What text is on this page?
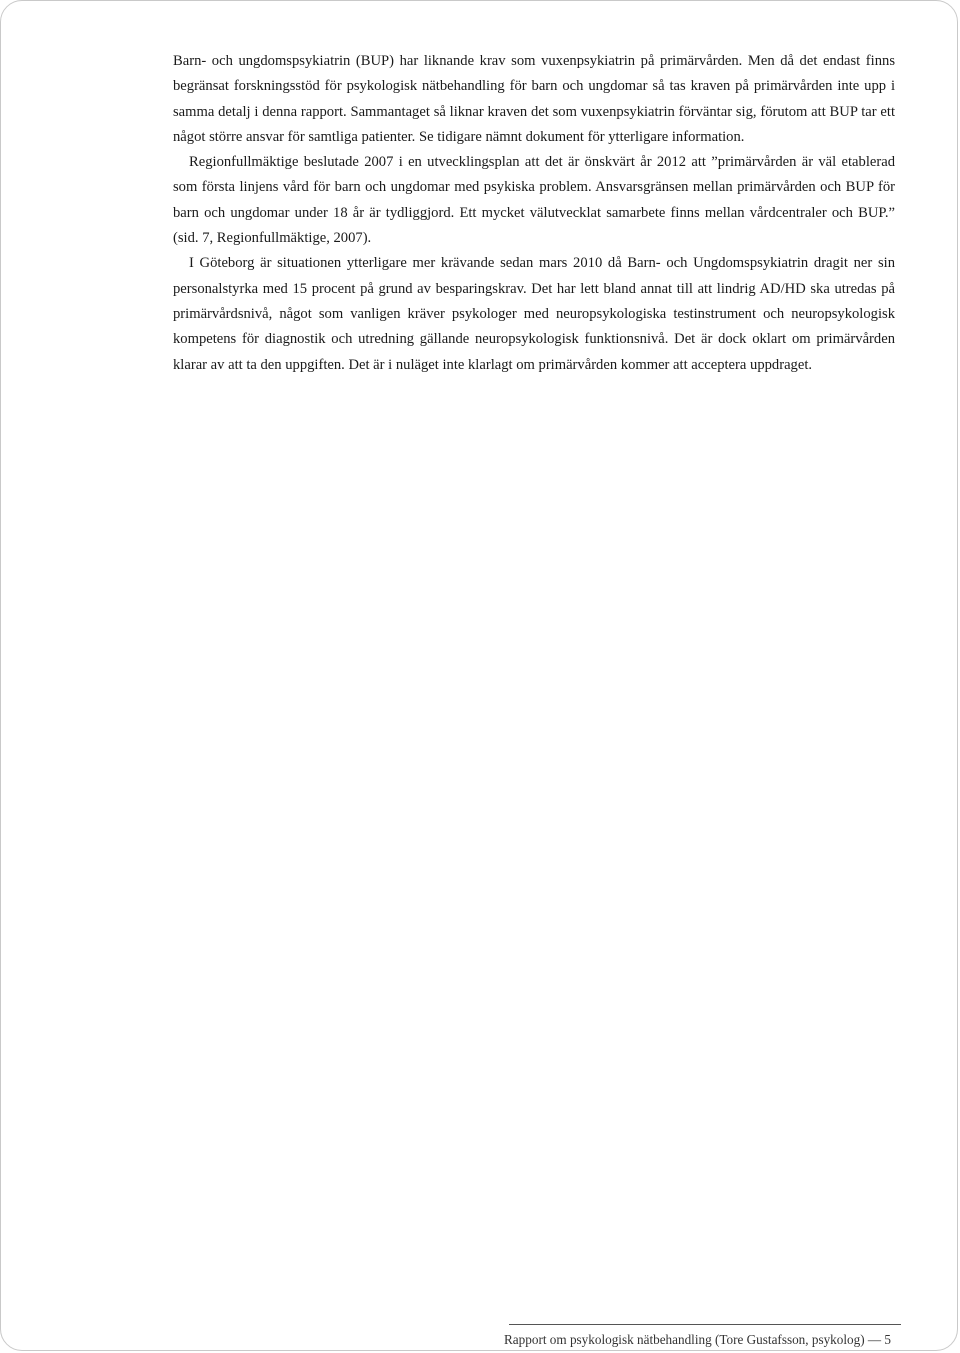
Barn- och ungdomspsykiatrin (BUP) har liknande krav som vuxenpsykiatrin på primärvården. Men då det endast finns begränsat forskningsstöd för psykologisk nätbehandling för barn och ungdomar så tas kraven på primärvården inte upp i samma detalj i denna rapport. Sammantaget så liknar kraven det som vuxenpsykiatrin förväntar sig, förutom att BUP tar ett något större ansvar för samtliga patienter. Se tidigare nämnt dokument för ytterligare information.

Regionfullmäktige beslutade 2007 i en utvecklingsplan att det är önskvärt år 2012 att ”primärvården är väl etablerad som första linjens vård för barn och ungdomar med psykiska problem. Ansvarsgränsen mellan primärvården och BUP för barn och ungdomar under 18 år är tydliggjord. Ett mycket välutvecklat samarbete finns mellan vårdcentraler och BUP.” (sid. 7, Regionfullmäktige, 2007).

I Göteborg är situationen ytterligare mer krävande sedan mars 2010 då Barn- och Ungdomspsykiatrin dragit ner sin personalstyrka med 15 procent på grund av besparingskrav. Det har lett bland annat till att lindrig AD/HD ska utredas på primärvårdsnivå, något som vanligen kräver psykologer med neuropsykologiska testinstrument och neuropsykologisk kompetens för diagnostik och utredning gällande neuropsykologisk funktionsnivå. Det är dock oklart om primärvården klarar av att ta den uppgiften. Det är i nuläget inte klarlagt om primärvården kommer att acceptera uppdraget.

Rapport om psykologisk nätbehandling (Tore Gustafsson, psykolog) — 5
